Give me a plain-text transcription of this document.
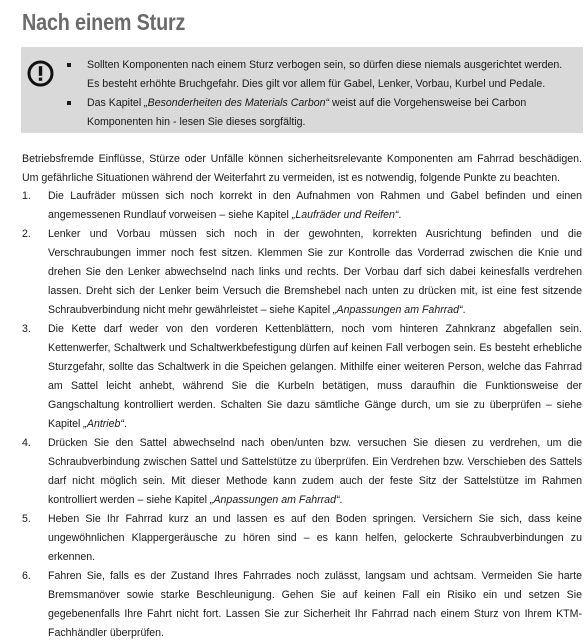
Nach einem Sturz
Sollten Komponenten nach einem Sturz verbogen sein, so dürfen diese niemals ausgerichtet werden. Es besteht erhöhte Bruchgefahr. Dies gilt vor allem für Gabel, Lenker, Vorbau, Kurbel und Pedale.
Das Kapitel „Besonderheiten des Materials Carbon“ weist auf die Vorgehensweise bei Carbon Komponenten hin - lesen Sie dieses sorgfältig.
Betriebsfremde Einflüsse, Stürze oder Unfälle können sicherheitsrelevante Komponenten am Fahrrad beschädigen. Um gefährliche Situationen während der Weiterfahrt zu vermeiden, ist es notwendig, folgende Punkte zu beachten.
1. Die Laufräder müssen sich noch korrekt in den Aufnahmen von Rahmen und Gabel befinden und einen angemessenen Rundlauf vorweisen – siehe Kapitel „Laufräder und Reifen“.
2. Lenker und Vorbau müssen sich noch in der gewohnten, korrekten Ausrichtung befinden und die Verschraubungen immer noch fest sitzen. Klemmen Sie zur Kontrolle das Vorderrad zwischen die Knie und drehen Sie den Lenker abwechselnd nach links und rechts. Der Vorbau darf sich dabei keinesfalls verdrehen lassen. Dreht sich der Lenker beim Versuch die Bremshebel nach unten zu drücken mit, ist eine fest sitzende Schraubverbindung nicht mehr gewährleistet – siehe Kapitel „Anpassungen am Fahrrad“.
3. Die Kette darf weder von den vorderen Kettenblättern, noch vom hinteren Zahnkranz abgefallen sein. Kettenwerfer, Schaltwerk und Schaltwerkbefestigung dürfen auf keinen Fall verbogen sein. Es besteht erhebliche Sturzgefahr, sollte das Schaltwerk in die Speichen gelangen. Mithilfe einer weiteren Person, welche das Fahrrad am Sattel leicht anhebt, während Sie die Kurbeln betätigen, muss daraufhin die Funktionsweise der Gangschaltung kontrolliert werden. Schalten Sie dazu sämtliche Gänge durch, um sie zu überprüfen – siehe Kapitel „Antrieb“.
4. Drücken Sie den Sattel abwechselnd nach oben/unten bzw. versuchen Sie diesen zu verdrehen, um die Schraubverbindung zwischen Sattel und Sattelstütze zu überprüfen. Ein Verdrehen bzw. Verschieben des Sattels darf nicht möglich sein. Mit dieser Methode kann zudem auch der feste Sitz der Sattelstütze im Rahmen kontrolliert werden – siehe Kapitel „Anpassungen am Fahrrad“.
5. Heben Sie Ihr Fahrrad kurz an und lassen es auf den Boden springen. Versichern Sie sich, dass keine ungewöhnlichen Klappergeräusche zu hören sind – es kann helfen, gelockerte Schraubverbindungen zu erkennen.
6. Fahren Sie, falls es der Zustand Ihres Fahrrades noch zulässt, langsam und achtsam. Vermeiden Sie harte Bremsmanöver sowie starke Beschleunigung. Gehen Sie auf keinen Fall ein Risiko ein und setzen Sie gegebenenfalls Ihre Fahrt nicht fort. Lassen Sie zur Sicherheit Ihr Fahrrad nach einem Sturz von Ihrem KTM-Fachhändler überprüfen.
